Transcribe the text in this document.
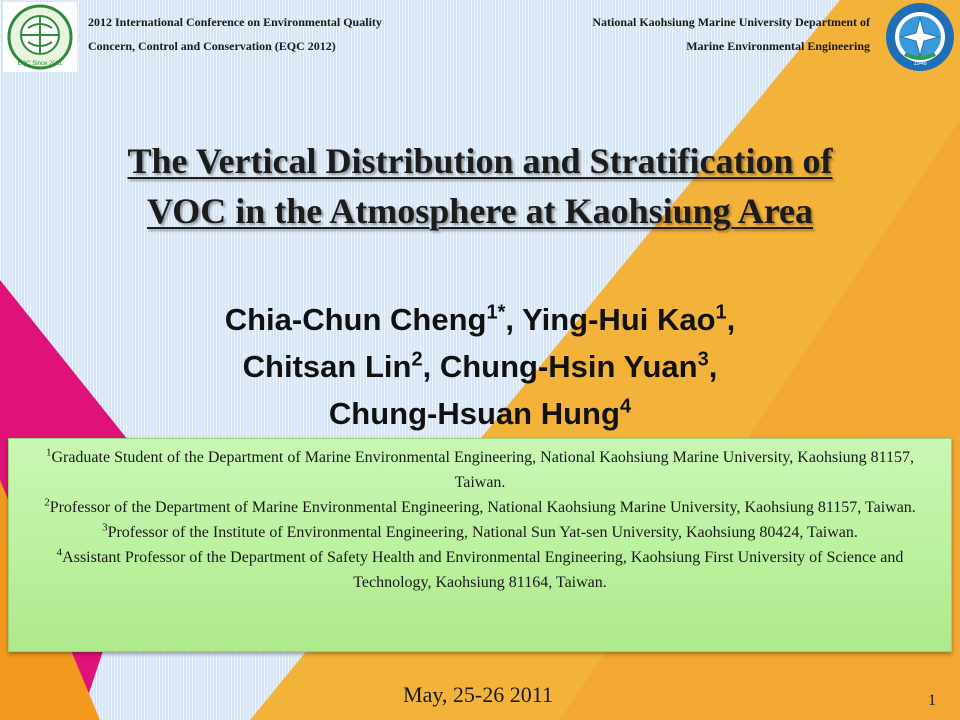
EQC Since 2001
2012 International Conference on Environmental Quality
Concern, Control and Conservation (EQC 2012)
National Kaohsiung Marine University Department of
Marine Environmental Engineering
1946
The Vertical Distribution and Stratification of
VOC in the Atmosphere at Kaohsiung Area
Chia-Chun Cheng$^{1*}$, Ying-Hui Kao$^1$,
Chitsan Lin$^2$, Chung-Hsin Yuan$^3$,
Chung-Hsuan Hung$^4$

$^1$Graduate Student of the Department of Marine Environmental Engineering, National Kaohsiung Marine University, Kaohsiung 81157, Taiwan.

$^2$Professor of the Department of Marine Environmental Engineering, National Kaohsiung Marine University, Kaohsiung 81157, Taiwan.

$^3$Professor of the Institute of Environmental Engineering, National Sun Yat-sen University, Kaohsiung 80424, Taiwan.

$^4$Assistant Professor of the Department of Safety Health and Environmental Engineering, Kaohsiung First University of Science and Technology, Kaohsiung 81164, Taiwan.

May, 25-26 2011	1
